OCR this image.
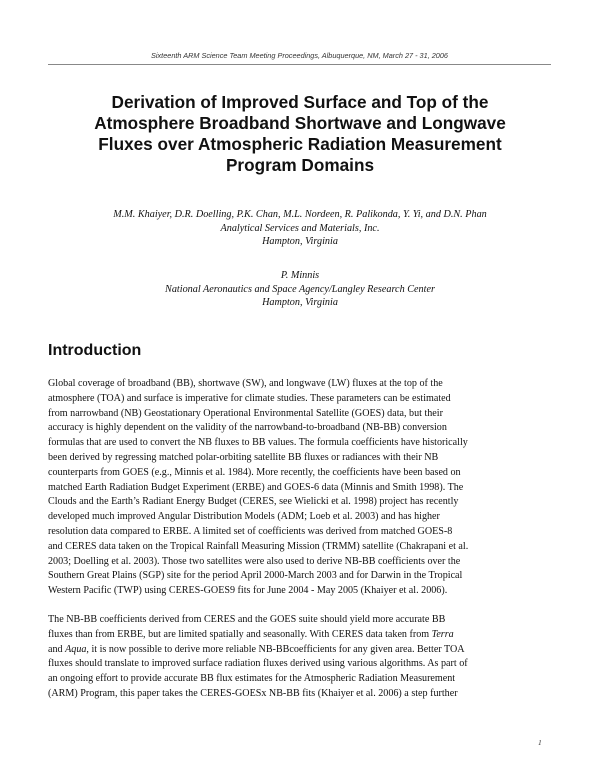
Sixteenth ARM Science Team Meeting Proceedings, Albuquerque, NM, March 27 - 31, 2006
Derivation of Improved Surface and Top of the
Atmosphere Broadband Shortwave and Longwave
Fluxes over Atmospheric Radiation Measurement
Program Domains
M.M. Khaiyer, D.R. Doelling, P.K. Chan, M.L. Nordeen, R. Palikonda, Y. Yi, and D.N. Phan
Analytical Services and Materials, Inc.
Hampton, Virginia
P. Minnis
National Aeronautics and Space Agency/Langley Research Center
Hampton, Virginia
Introduction
Global coverage of broadband (BB), shortwave (SW), and longwave (LW) fluxes at the top of the
atmosphere (TOA) and surface is imperative for climate studies. These parameters can be estimated
from narrowband (NB) Geostationary Operational Environmental Satellite (GOES) data, but their
accuracy is highly dependent on the validity of the narrowband-to-broadband (NB-BB) conversion
formulas that are used to convert the NB fluxes to BB values. The formula coefficients have historically
been derived by regressing matched polar-orbiting satellite BB fluxes or radiances with their NB
counterparts from GOES (e.g., Minnis et al. 1984). More recently, the coefficients have been based on
matched Earth Radiation Budget Experiment (ERBE) and GOES-6 data (Minnis and Smith 1998). The
Clouds and the Earth’s Radiant Energy Budget (CERES, see Wielicki et al. 1998) project has recently
developed much improved Angular Distribution Models (ADM; Loeb et al. 2003) and has higher
resolution data compared to ERBE. A limited set of coefficients was derived from matched GOES-8
and CERES data taken on the Tropical Rainfall Measuring Mission (TRMM) satellite (Chakrapani et al.
2003; Doelling et al. 2003). Those two satellites were also used to derive NB-BB coefficients over the
Southern Great Plains (SGP) site for the period April 2000-March 2003 and for Darwin in the Tropical
Western Pacific (TWP) using CERES-GOES9 fits for June 2004 - May 2005 (Khaiyer et al. 2006).
The NB-BB coefficients derived from CERES and the GOES suite should yield more accurate BB
fluxes than from ERBE, but are limited spatially and seasonally. With CERES data taken from Terra
and Aqua, it is now possible to derive more reliable NB-BBcoefficients for any given area. Better TOA
fluxes should translate to improved surface radiation fluxes derived using various algorithms. As part of
an ongoing effort to provide accurate BB flux estimates for the Atmospheric Radiation Measurement
(ARM) Program, this paper takes the CERES-GOESx NB-BB fits (Khaiyer et al. 2006) a step further
1
